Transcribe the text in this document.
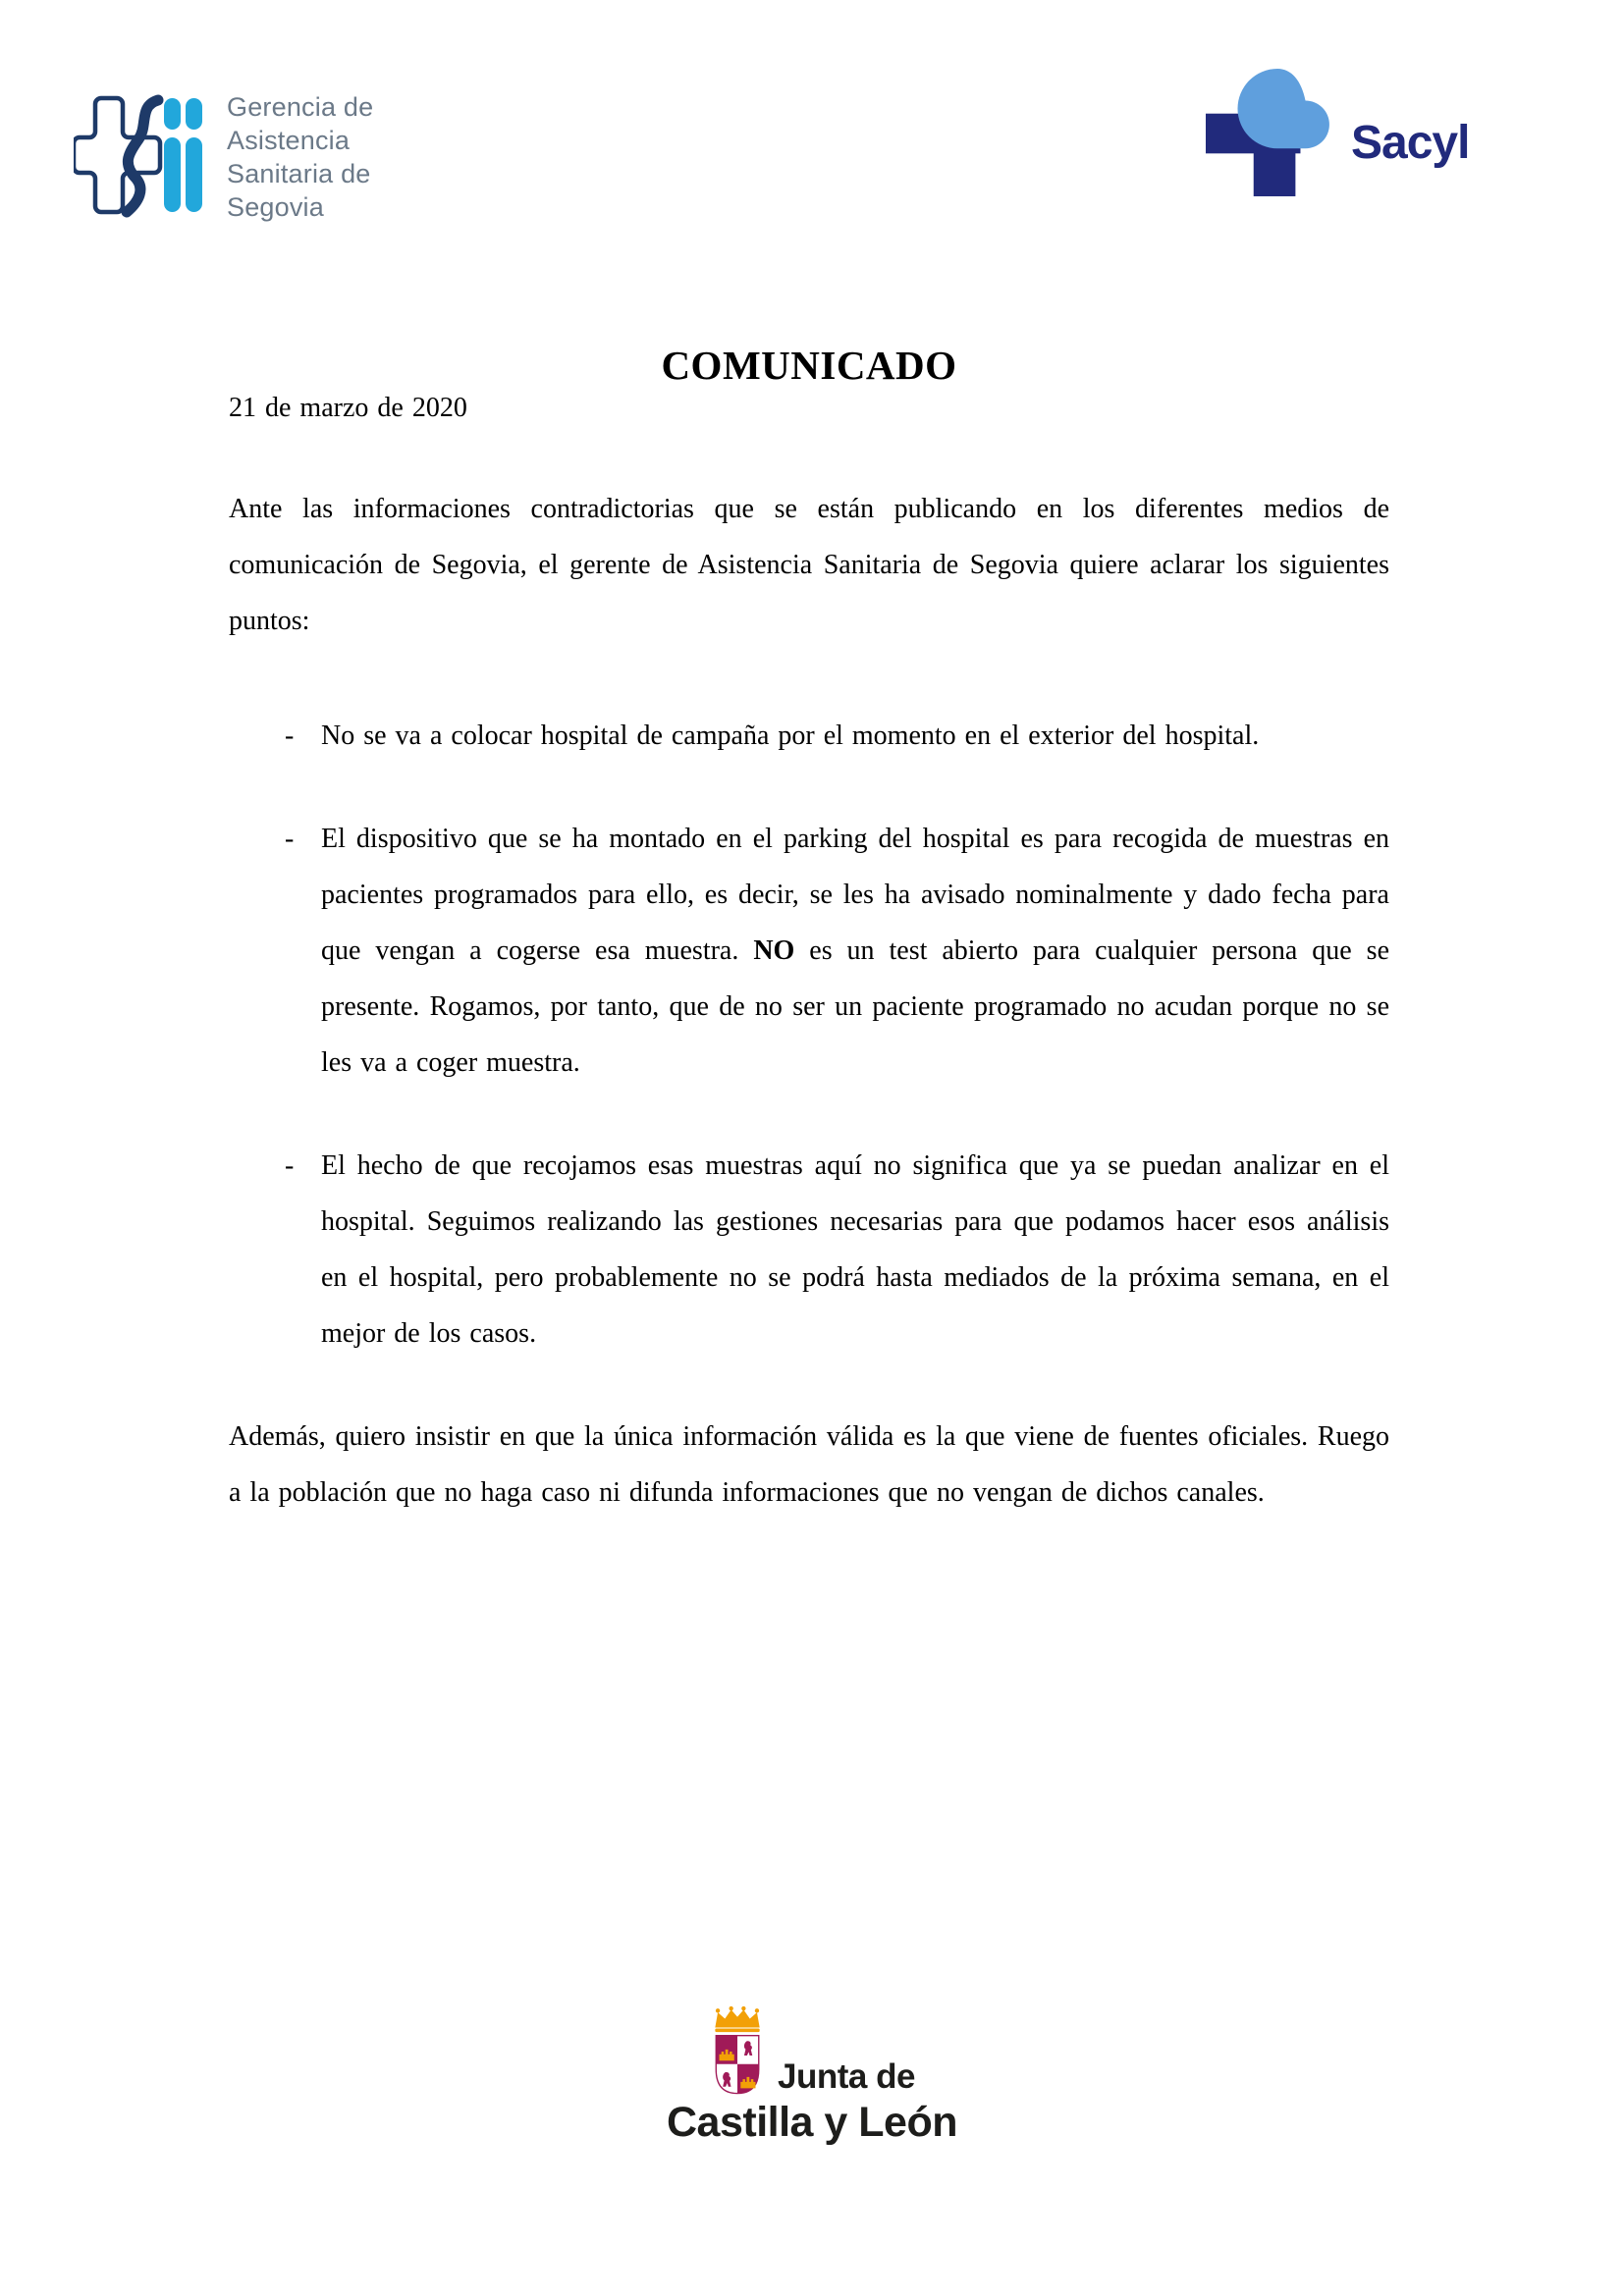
Gerencia de
Asistencia
Sanitaria de
Segovia
Sacyl
COMUNICADO

21 de marzo de 2020

Ante las informaciones contradictorias que se están publicando en los diferentes medios de comunicación de Segovia, el gerente de Asistencia Sanitaria de Segovia quiere aclarar los siguientes puntos:

- No se va a colocar hospital de campaña por el momento en el exterior del hospital.

- El dispositivo que se ha montado en el parking del hospital es para recogida de muestras en pacientes programados para ello, es decir, se les ha avisado nominalmente y dado fecha para que vengan a cogerse esa muestra. NO es un test abierto para cualquier persona que se presente. Rogamos, por tanto, que de no ser un paciente programado no acudan porque no se les va a coger muestra.

- El hecho de que recojamos esas muestras aquí no significa que ya se puedan analizar en el hospital. Seguimos realizando las gestiones necesarias para que podamos hacer esos análisis en el hospital, pero probablemente no se podrá hasta mediados de la próxima semana, en el mejor de los casos.

Además, quiero insistir en que la única información válida es la que viene de fuentes oficiales. Ruego a la población que no haga caso ni difunda informaciones que no vengan de dichos canales.

Junta de
Castilla y León
